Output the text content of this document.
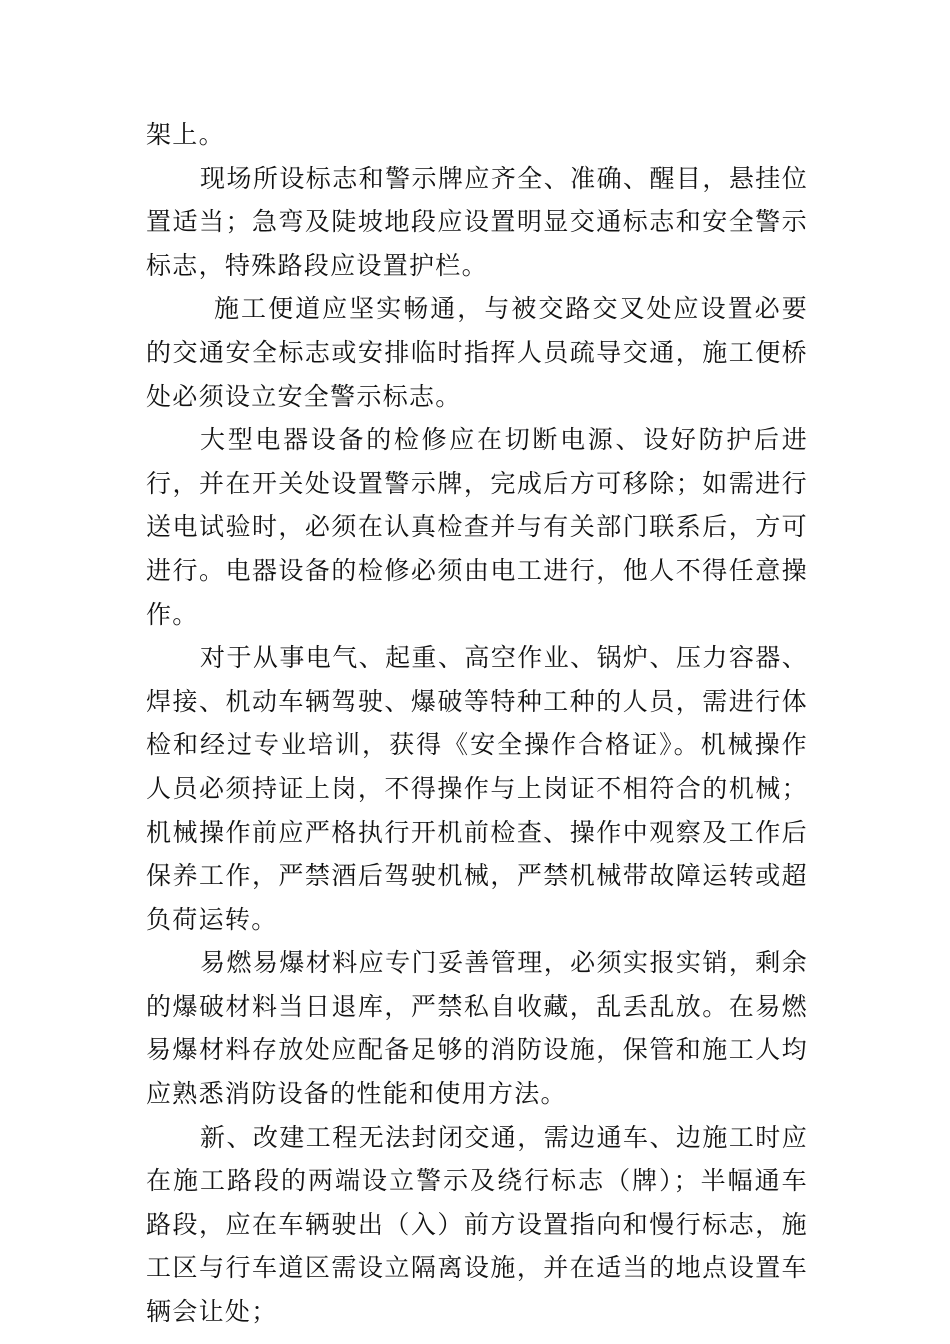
架上。

现场所设标志和警示牌应齐全、准确、醒目，悬挂位置适当；急弯及陡坡地段应设置明显交通标志和安全警示标志，特殊路段应设置护栏。

施工便道应坚实畅通，与被交路交叉处应设置必要的交通安全标志或安排临时指挥人员疏导交通，施工便桥处必须设立安全警示标志。

大型电器设备的检修应在切断电源、设好防护后进行，并在开关处设置警示牌，完成后方可移除；如需进行送电试验时，必须在认真检查并与有关部门联系后，方可进行。电器设备的检修必须由电工进行，他人不得任意操作。

对于从事电气、起重、高空作业、锅炉、压力容器、焊接、机动车辆驾驶、爆破等特种工种的人员，需进行体检和经过专业培训，获得《安全操作合格证》。机械操作人员必须持证上岗，不得操作与上岗证不相符合的机械；机械操作前应严格执行开机前检查、操作中观察及工作后保养工作，严禁酒后驾驶机械，严禁机械带故障运转或超负荷运转。

易燃易爆材料应专门妥善管理，必须实报实销，剩余的爆破材料当日退库，严禁私自收藏，乱丢乱放。在易燃易爆材料存放处应配备足够的消防设施，保管和施工人均应熟悉消防设备的性能和使用方法。

新、改建工程无法封闭交通，需边通车、边施工时应在施工路段的两端设立警示及绕行标志（牌）；半幅通车路段，应在车辆驶出（入）前方设置指向和慢行标志，施工区与行车道区需设立隔离设施，并在适当的地点设置车辆会让处；
